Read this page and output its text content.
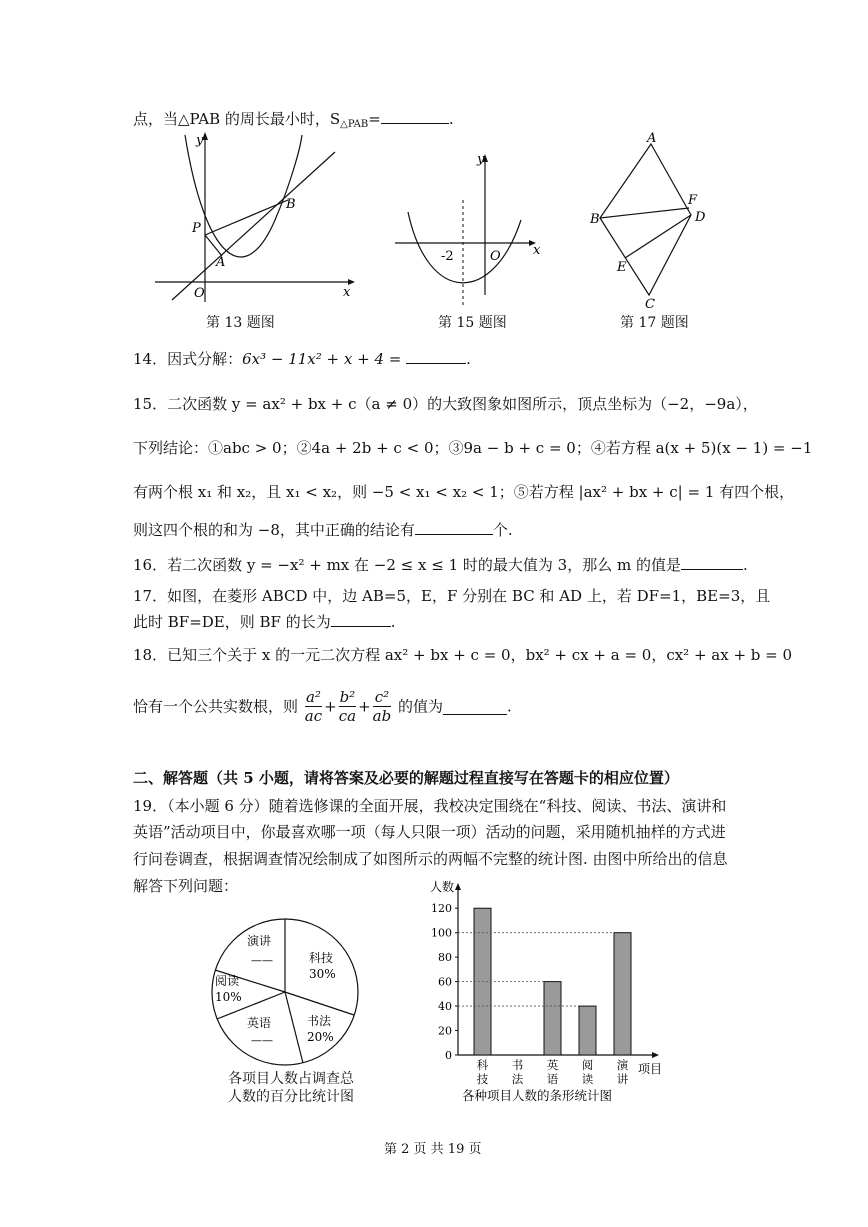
点，当△PAB 的周长最小时，$S_{\triangle PAB}=$	.
y
x
O
P
A
B
第 13 题图
y
x
O
-2
第 15 题图
A
B
C
D
E
F
第 17 题图
14．因式分解：6x³ − 11x² + x + 4 =	.
15．二次函数 y = ax² + bx + c（a ≠ 0）的大致图象如图所示，顶点坐标为（−2，−9a），
下列结论：①abc > 0；②4a + 2b + c < 0；③9a − b + c = 0；④若方程 a(x + 5)(x − 1) = −1
有两个根 x₁ 和 x₂，且 x₁ < x₂，则 −5 < x₁ < x₂ < 1；⑤若方程 |ax² + bx + c| = 1 有四个根，
则这四个根的和为 −8，其中正确的结论有	个.
16．若二次函数 y = −x² + mx 在 −2 ≤ x ≤ 1 时的最大值为 3，那么 m 的值是	.
17．如图，在菱形 ABCD 中，边 AB=5，E，F 分别在 BC 和 AD 上，若 DF=1，BE=3，且
此时 BF=DE，则 BF 的长为	.
18．已知三个关于 x 的一元二次方程 ax² + bx + c = 0，bx² + cx + a = 0，cx² + ax + b = 0
恰有一个公共实数根，则 $\frac{\text{a²}}{ac} + \frac{\text{b²}}{ca} + \frac{\text{c²}}{ab}$ 的值为	.
二、解答题（共 5 小题，请将答案及必要的解题过程直接写在答题卡的相应位置）
19．（本小题 6 分）随着选修课的全面开展，我校决定围绕在“科技、阅读、书法、演讲和
英语”活动项目中，你最喜欢哪一项（每人只限一项）活动的问题，采用随机抽样的方式进
行问卷调查，根据调查情况绘制成了如图所示的两幅不完整的统计图. 由图中所给出的信息
解答下列问题：
演讲
——	科技
30%
阅读
10%
英语
——
书法
20%
各项目人数占调查总
人数的百分比统计图
人数
项目
各种项目人数的条形统计图
0
20
40
60
80
100
120
科
技
书
法
英
语
阅
读
演
讲
第 2 页 共 19 页
